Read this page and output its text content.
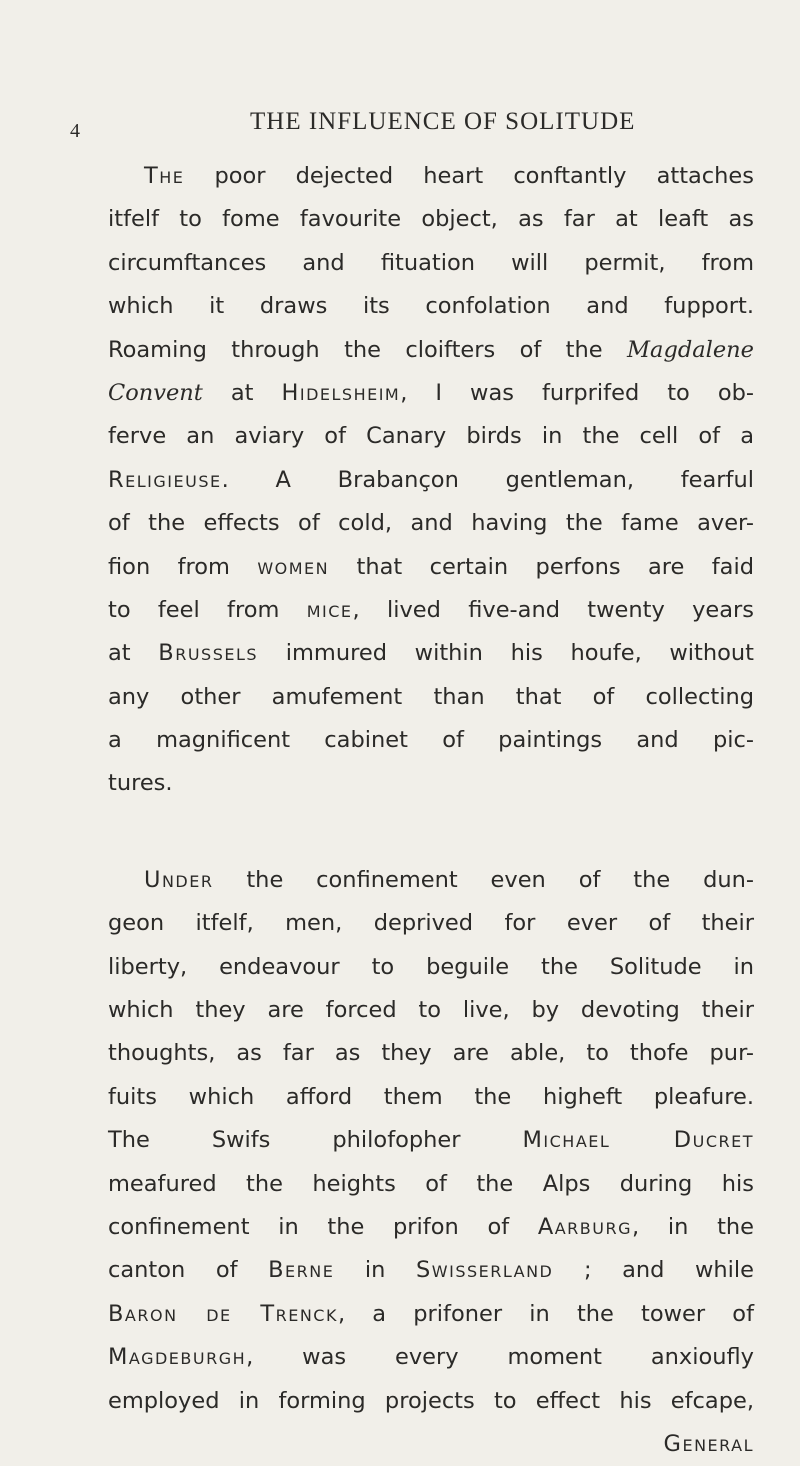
4	THE INFLUENCE OF SOLITUDE
The poor dejected heart conftantly attaches
itfelf to fome favourite object, as far at leaft as
circumftances and fituation will permit, from
which it draws its confolation and fupport.
Roaming through the cloifters of the Magdalene
Convent at Hidelsheim, I was furprifed to ob-
ferve an aviary of Canary birds in the cell of a
Religieuse. A Brabançon gentleman, fearful
of the effects of cold, and having the fame aver-
fion from women that certain perfons are faid
to feel from mice, lived five-and twenty years
at Brussels immured within his houfe, without
any other amufement than that of collecting
a magnificent cabinet of paintings and pic-
tures.
Under the confinement even of the dun-
geon itfelf, men, deprived for ever of their
liberty, endeavour to beguile the Solitude in
which they are forced to live, by devoting their
thoughts, as far as they are able, to thofe pur-
fuits which afford them the higheft pleafure.
The Swifs philofopher Michael Ducret
meafured the heights of the Alps during his
confinement in the prifon of Aarburg, in the
canton of Berne in Swisserland ; and while
Baron de Trenck, a prifoner in the tower of
Magdeburgh, was every moment anxioufly
employed in forming projects to effect his efcape,
General
